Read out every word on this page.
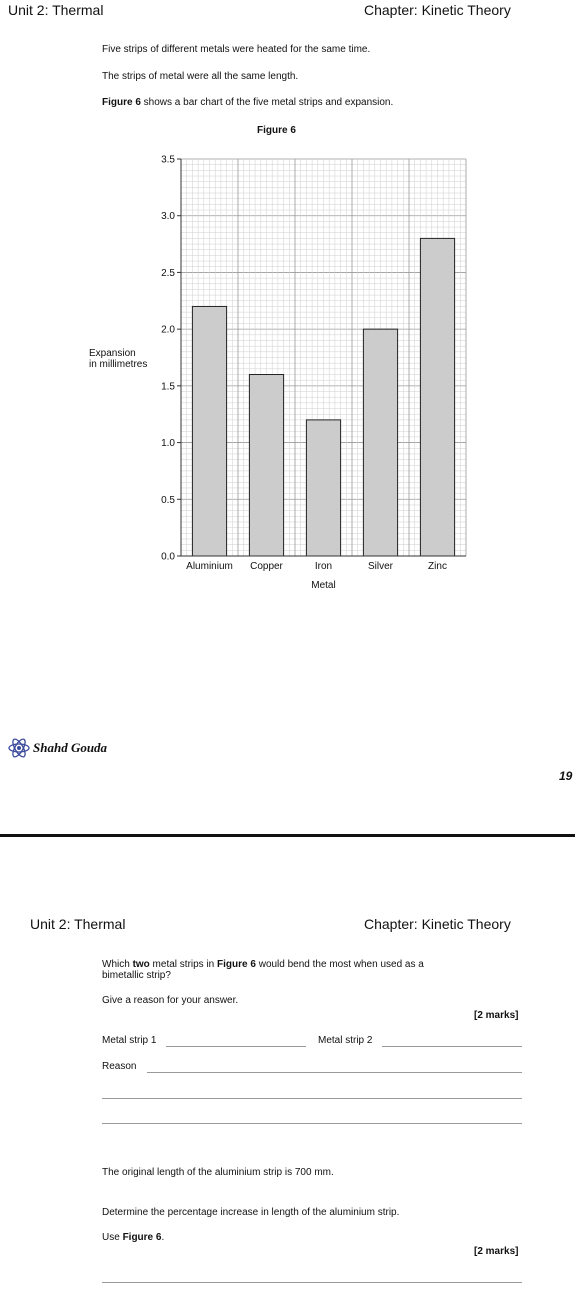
Unit 2: Thermal	Chapter: Kinetic Theory
Five strips of different metals were heated for the same time.
The strips of metal were all the same length.
Figure 6 shows a bar chart of the five metal strips and expansion.
Figure 6
Aluminium Copper	Iron	Silver	Zinc
0.0
0.5
1.0
1.5
2.0
2.5
3.0
3.5
Metal
Expansion
in millimetres
Shahd Gouda
19
Unit 2: Thermal	Chapter: Kinetic Theory
Which two metal strips in Figure 6 would bend the most when used as a
bimetallic strip?
Give a reason for your answer.
[2 marks]
Metal strip 1	Metal strip 2
Reason
The original length of the aluminium strip is 700 mm.
Determine the percentage increase in length of the aluminium strip.
Use Figure 6.
[2 marks]
